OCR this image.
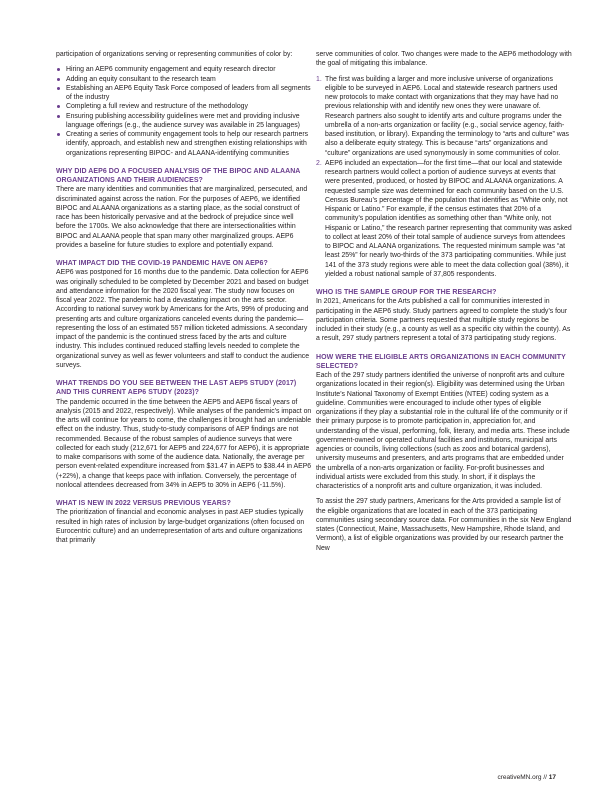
participation of organizations serving or representing communities of color by:

Hiring an AEP6 community engagement and equity research director
Adding an equity consultant to the research team
Establishing an AEP6 Equity Task Force composed of leaders from all segments of the industry
Completing a full review and restructure of the methodology
Ensuring publishing accessibility guidelines were met and providing inclusive language offerings (e.g., the audience survey was available in 25 languages)
Creating a series of community engagement tools to help our research partners identify, approach, and establish new and strengthen existing relationships with organizations representing BIPOC- and ALAANA-identifying communities
WHY DID AEP6 DO A FOCUSED ANALYSIS OF THE BIPOC AND ALAANA ORGANIZATIONS AND THEIR AUDIENCES?

There are many identities and communities that are marginalized, persecuted, and discriminated against across the nation. For the purposes of AEP6, we identified BIPOC and ALAANA organizations as a starting place, as the social construct of race has been historically pervasive and at the bedrock of prejudice since well before the 1700s. We also acknowledge that there are intersectionalities within BIPOC and ALAANA people that span many other marginalized groups. AEP6 provides a baseline for future studies to explore and potentially expand.

WHAT IMPACT DID THE COVID-19 PANDEMIC HAVE ON AEP6?

AEP6 was postponed for 16 months due to the pandemic. Data collection for AEP6 was originally scheduled to be completed by December 2021 and based on budget and attendance information for the 2020 fiscal year. The study now focuses on fiscal year 2022. The pandemic had a devastating impact on the arts sector. According to national survey work by Americans for the Arts, 99% of producing and presenting arts and culture organizations canceled events during the pandemic—representing the loss of an estimated 557 million ticketed admissions. A secondary impact of the pandemic is the continued stress faced by the arts and culture industry. This includes continued reduced staffing levels needed to complete the organizational survey as well as fewer volunteers and staff to conduct the audience surveys.

WHAT TRENDS DO YOU SEE BETWEEN THE LAST AEP5 STUDY (2017) AND THIS CURRENT AEP6 STUDY (2023)?

The pandemic occurred in the time between the AEP5 and AEP6 fiscal years of analysis (2015 and 2022, respectively). While analyses of the pandemic's impact on the arts will continue for years to come, the challenges it brought had an undeniable effect on the industry. Thus, study-to-study comparisons of AEP findings are not recommended. Because of the robust samples of audience surveys that were collected for each study (212,671 for AEP5 and 224,677 for AEP6), it is appropriate to make comparisons with some of the audience data. Nationally, the average per person event-related expenditure increased from $31.47 in AEP5 to $38.44 in AEP6 (+22%), a change that keeps pace with inflation. Conversely, the percentage of nonlocal attendees decreased from 34% in AEP5 to 30% in AEP6 (-11.5%).

WHAT IS NEW IN 2022 VERSUS PREVIOUS YEARS?

The prioritization of financial and economic analyses in past AEP studies typically resulted in high rates of inclusion by large-budget organizations (often focused on Eurocentric culture) and an underrepresentation of arts and culture organizations that primarily

serve communities of color. Two changes were made to the AEP6 methodology with the goal of mitigating this imbalance.

1. The first was building a larger and more inclusive universe of organizations eligible to be surveyed in AEP6. Local and statewide research partners used new protocols to make contact with organizations that they may have had no previous relationship with and identify new ones they were unaware of. Research partners also sought to identify arts and culture programs under the umbrella of a non-arts organization or facility (e.g., social service agency, faith-based institution, or library). Expanding the terminology to “arts and culture” was also a deliberate equity strategy. This is because “arts” organizations and “culture” organizations are used synonymously in some communities of color.
2. AEP6 included an expectation—for the first time—that our local and statewide research partners would collect a portion of audience surveys at events that were presented, produced, or hosted by BIPOC and ALAANA organizations. A requested sample size was determined for each community based on the U.S. Census Bureau’s percentage of the population that identifies as “White only, not Hispanic or Latino.” For example, if the census estimates that 20% of a community’s population identifies as something other than “White only, not Hispanic or Latino,” the research partner representing that community was asked to collect at least 20% of their total sample of audience surveys from attendees to BIPOC and ALAANA organizations. The requested minimum sample was “at least 25%” for nearly two-thirds of the 373 participating communities. While just 141 of the 373 study regions were able to meet the data collection goal (38%), it yielded a robust national sample of 37,805 respondents.
WHO IS THE SAMPLE GROUP FOR THE RESEARCH?

In 2021, Americans for the Arts published a call for communities interested in participating in the AEP6 study. Study partners agreed to complete the study’s four participation criteria. Some partners requested that multiple study regions be included in their study (e.g., a county as well as a specific city within the county). As a result, 297 study partners represent a total of 373 participating study regions.

HOW WERE THE ELIGIBLE ARTS ORGANIZATIONS IN EACH COMMUNITY SELECTED?

Each of the 297 study partners identified the universe of nonprofit arts and culture organizations located in their region(s). Eligibility was determined using the Urban Institute’s National Taxonomy of Exempt Entities (NTEE) coding system as a guideline. Communities were encouraged to include other types of eligible organizations if they play a substantial role in the cultural life of the community or if their primary purpose is to promote participation in, appreciation for, and understanding of the visual, performing, folk, literary, and media arts. These include government-owned or operated cultural facilities and institutions, municipal arts agencies or councils, living collections (such as zoos and botanical gardens), university museums and presenters, and arts programs that are embedded under the umbrella of a non-arts organization or facility. For-profit businesses and individual artists were excluded from this study. In short, if it displays the characteristics of a nonprofit arts and culture organization, it was included.

To assist the 297 study partners, Americans for the Arts provided a sample list of the eligible organizations that are located in each of the 373 participating communities using secondary source data. For communities in the six New England states (Connecticut, Maine, Massachusetts, New Hampshire, Rhode Island, and Vermont), a list of eligible organizations was provided by our research partner the New

creativeMN.org // 17
